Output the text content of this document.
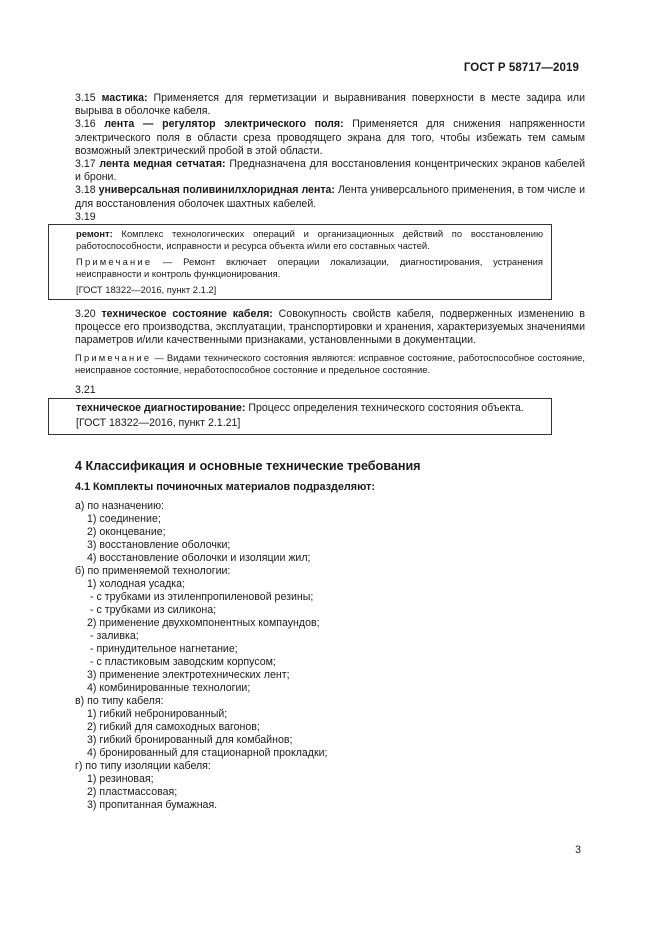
ГОСТ Р 58717—2019

3.15 мастика: Применяется для герметизации и выравнивания поверхности в месте задира или вырыва в оболочке кабеля.

3.16 лента — регулятор электрического поля: Применяется для снижения напряженности электрического поля в области среза проводящего экрана для того, чтобы избежать тем самым возможный электрический пробой в этой области.

3.17 лента медная сетчатая: Предназначена для восстановления концентрических экранов кабелей и брони.

3.18 универсальная поливинилхлоридная лента: Лента универсального применения, в том числе и для восстановления оболочек шахтных кабелей.

3.19

ремонт: Комплекс технологических операций и организационных действий по восстановлению работоспособности, исправности и ресурса объекта и/или его составных частей.

Примечание — Ремонт включает операции локализации, диагностирования, устранения неисправности и контроль функционирования.

[ГОСТ 18322—2016, пункт 2.1.2]

3.20 техническое состояние кабеля: Совокупность свойств кабеля, подверженных изменению в процессе его производства, эксплуатации, транспортировки и хранения, характеризуемых значениями параметров и/или качественными признаками, установленными в документации.

Примечание — Видами технического состояния являются: исправное состояние, работоспособное состояние, неисправное состояние, неработоспособное состояние и предельное состояние.

3.21

техническое диагностирование: Процесс определения технического состояния объекта.

[ГОСТ 18322—2016, пункт 2.1.21]

4 Классификация и основные технические требования
4.1 Комплекты починочных материалов подразделяют:
а) по назначению:
1) соединение;
2) оконцевание;
3) восстановление оболочки;
4) восстановление оболочки и изоляции жил;
б) по применяемой технологии:
1) холодная усадка;
- с трубками из этиленпропиленовой резины;
- с трубками из силикона;
2) применение двухкомпонентных компаундов;
- заливка;
- принудительное нагнетание;
- с пластиковым заводским корпусом;
3) применение электротехнических лент;
4) комбинированные технологии;
в) по типу кабеля:
1) гибкий небронированный;
2) гибкий для самоходных вагонов;
3) гибкий бронированный для комбайнов;
4) бронированный для стационарной прокладки;
г) по типу изоляции кабеля:
1) резиновая;
2) пластмассовая;
3) пропитанная бумажная.
3
